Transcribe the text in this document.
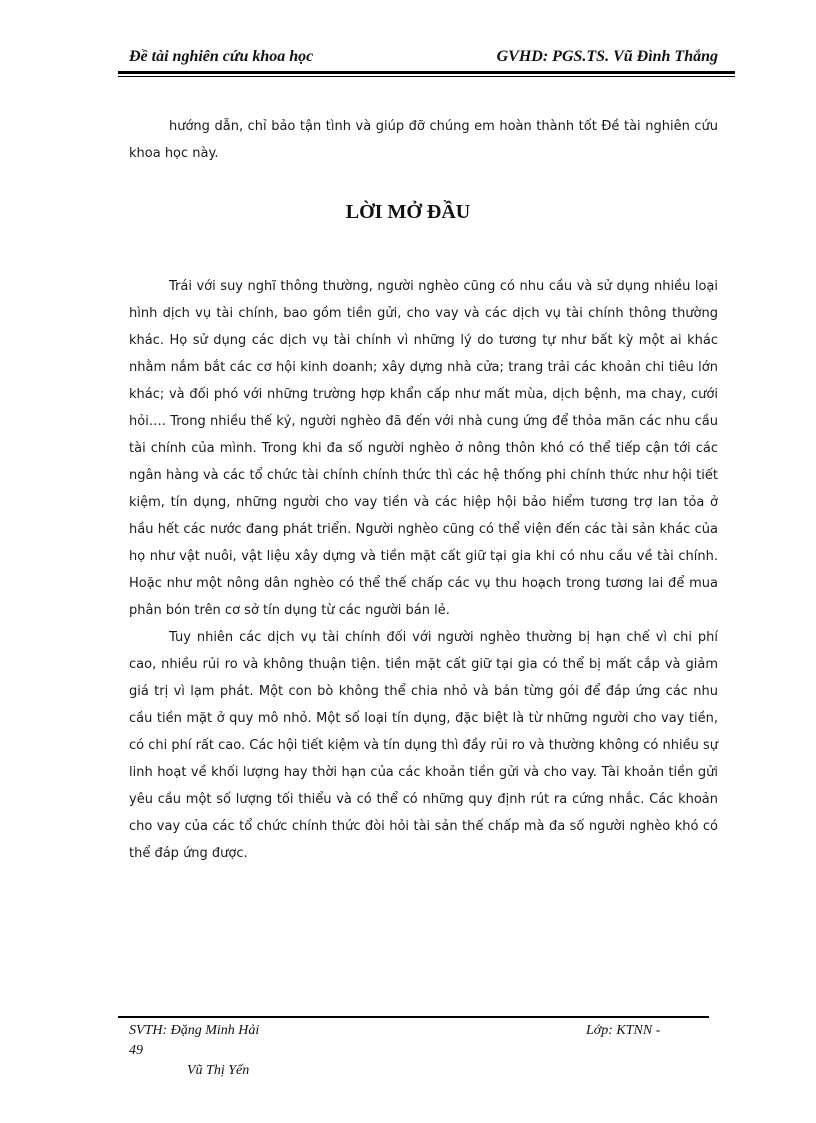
Đề tài nghiên cứu khoa học	GVHD: PGS.TS. Vũ Đình Thắng

hướng dẫn, chỉ bảo tận tình và giúp đỡ chúng em hoàn thành tốt Đề tài nghiên cứu khoa học này.

LỜI MỞ ĐẦU

Trái với suy nghĩ thông thường, người nghèo cũng có nhu cầu và sử dụng nhiều loại hình dịch vụ tài chính, bao gồm tiền gửi, cho vay và các dịch vụ tài chính thông thường khác. Họ sử dụng các dịch vụ tài chính vì những lý do tương tự như bất kỳ một ai khác nhằm nắm bắt các cơ hội kinh doanh; xây dựng nhà cửa; trang trải các khoản chi tiêu lớn khác; và đối phó với những trường hợp khẩn cấp như mất mùa, dịch bệnh, ma chay, cưới hỏi…. Trong nhiều thế kỷ, người nghèo đã đến với nhà cung ứng để thỏa mãn các nhu cầu tài chính của mình. Trong khi đa số người nghèo ở nông thôn khó có thể tiếp cận tới các ngân hàng và các tổ chức tài chính chính thức thì các hệ thống phi chính thức như hội tiết kiệm, tín dụng, những người cho vay tiền và các hiệp hội bảo hiểm tương trợ lan tỏa ở hầu hết các nước đang phát triển. Người nghèo cũng có thể viện đến các tài sản khác của họ như vật nuôi, vật liệu xây dựng và tiền mặt cất giữ tại gia khi có nhu cầu về tài chính. Hoặc như một nông dân nghèo có thể thế chấp các vụ thu hoạch trong tương lai để mua phân bón trên cơ sở tín dụng từ các người bán lẻ.

Tuy nhiên các dịch vụ tài chính đối với người nghèo thường bị hạn chế vì chi phí cao, nhiều rủi ro và không thuận tiện. tiền mặt cất giữ tại gia có thể bị mất cắp và giảm giá trị vì lạm phát. Một con bò không thể chia nhỏ và bán từng gói để đáp ứng các nhu cầu tiền mặt ở quy mô nhỏ. Một số loại tín dụng, đặc biệt là từ những người cho vay tiền, có chi phí rất cao. Các hội tiết kiệm và tín dụng thì đầy rủi ro và thường không có nhiều sự linh hoạt về khối lượng hay thời hạn của các khoản tiền gửi và cho vay. Tài khoản tiền gửi yêu cầu một số lượng tối thiểu và có thể có những quy định rút ra cứng nhắc. Các khoản cho vay của các tổ chức chính thức đòi hỏi tài sản thế chấp mà đa số người nghèo khó có thể đáp ứng được.

SVTH: Đặng Minh Hải	Lớp: KTNN -
49
Vũ Thị Yến
